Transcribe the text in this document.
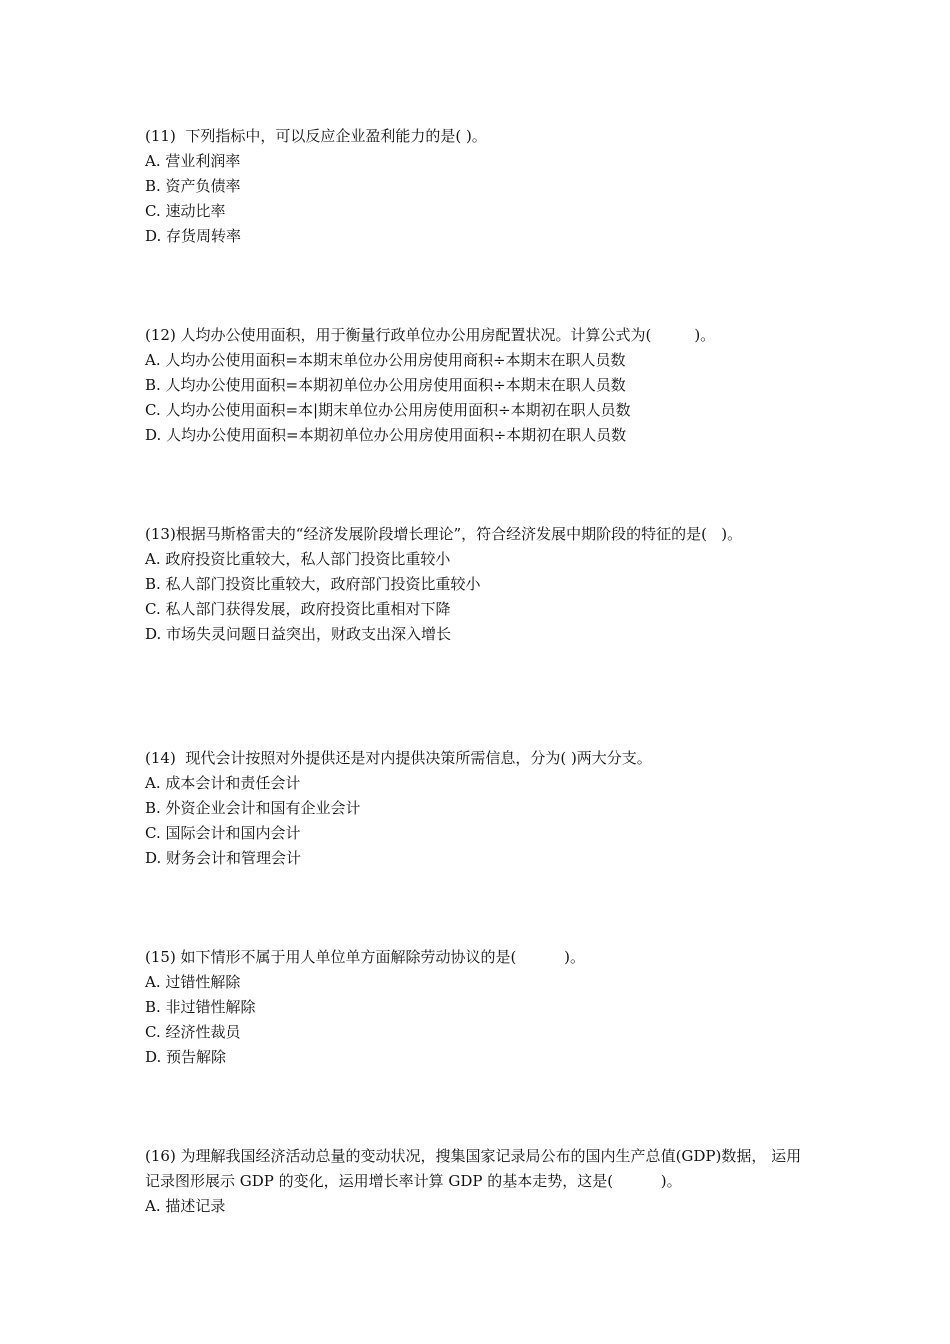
(11)  下列指标中，可以反应企业盈利能力的是( )。

A. 营业利润率
B. 资产负债率
C. 速动比率
D. 存货周转率

(12) 人均办公使用面积，用于衡量行政单位办公用房配置状况。计算公式为(         )。

A. 人均办公使用面积=本期末单位办公用房使用商积÷本期末在职人员数
B. 人均办公使用面积=本期初单位办公用房使用面积÷本期末在职人员数
C. 人均办公使用面积=本|期末单位办公用房使用面积÷本期初在职人员数
D. 人均办公使用面积=本期初单位办公用房使用面积÷本期初在职人员数

(13)根据马斯格雷夫的“经济发展阶段增长理论”，符合经济发展中期阶段的特征的是(   )。

A. 政府投资比重较大，私人部门投资比重较小
B. 私人部门投资比重较大，政府部门投资比重较小
C. 私人部门获得发展，政府投资比重相对下降
D. 市场失灵问题日益突出，财政支出深入增长

(14)  现代会计按照对外提供还是对内提供决策所需信息，分为( )两大分支。

A. 成本会计和责任会计
B. 外资企业会计和国有企业会计
C. 国际会计和国内会计
D. 财务会计和管理会计

(15) 如下情形不属于用人单位单方面解除劳动协议的是(          )。

A. 过错性解除
B. 非过错性解除
C. 经济性裁员
D. 预告解除

(16) 为理解我国经济活动总量的变动状况，搜集国家记录局公布的国内生产总值(GDP)数据， 运用记录图形展示 GDP 的变化，运用增长率计算 GDP 的基本走势，这是(          )。

A. 描述记录
